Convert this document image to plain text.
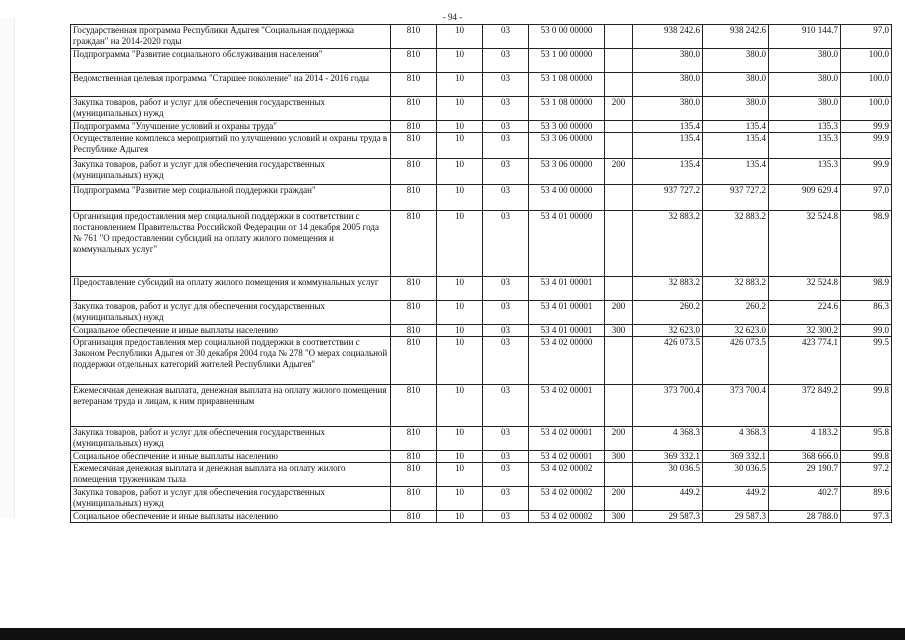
- 94 -
Государственная программа Республики Адыгея "Социальная поддержка граждан" на 2014-2020 годы	810	10	03	53 0 00 00000		938 242.6	938 242.6	910 144.7	97.0
Подпрограмма "Развитие социального обслуживания населения"	810	10	03	53 1 00 00000		380.0	380.0	380.0	100.0
Ведомственная целевая программа "Старшее поколение" на 2014 - 2016 годы	810	10	03	53 1 08 00000		380.0	380.0	380.0	100.0
Закупка товаров, работ и услуг для обеспечения государственных (муниципальных) нужд	810	10	03	53 1 08 00000	200	380.0	380.0	380.0	100.0
Подпрограмма "Улучшение условий и охраны труда"	810	10	03	53 3 00 00000		135.4	135.4	135.3	99.9
Осуществление комплекса мероприятий по улучшению условий и охраны труда в Республике Адыгея	810	10	03	53 3 06 00000		135.4	135.4	135.3	99.9
Закупка товаров, работ и услуг для обеспечения государственных (муниципальных) нужд	810	10	03	53 3 06 00000	200	135.4	135.4	135.3	99.9
Подпрограмма "Развитие мер социальной поддержки граждан"	810	10	03	53 4 00 00000		937 727.2	937 727.2	909 629.4	97.0
Организация предоставления мер социальной поддержки в соответствии с постановлением Правительства Российской Федерации от 14 декабря 2005 года № 761 "О предоставлении субсидий на оплату жилого помещения и коммунальных услуг"	810	10	03	53 4 01 00000		32 883.2	32 883.2	32 524.8	98.9
Предоставление субсидий на оплату жилого помещения и коммунальных услуг	810	10	03	53 4 01 00001		32 883.2	32 883.2	32 524.8	98.9
Закупка товаров, работ и услуг для обеспечения государственных (муниципальных) нужд	810	10	03	53 4 01 00001	200	260.2	260.2	224.6	86.3
Социальное обеспечение и иные выплаты населению	810	10	03	53 4 01 00001	300	32 623.0	32 623.0	32 300.2	99.0
Организация предоставления мер социальной поддержки в соответствии с Законом Республики Адыгея от 30 декабря 2004 года № 278 "О мерах социальной поддержки отдельных категорий жителей Республики Адыгея"	810	10	03	53 4 02 00000		426 073.5	426 073.5	423 774.1	99.5
Ежемесячная денежная выплата, денежная выплата на оплату жилого помещения ветеранам труда и лицам, к ним приравненным	810	10	03	53 4 02 00001		373 700.4	373 700.4	372 849.2	99.8
Закупка товаров, работ и услуг для обеспечения государственных (муниципальных) нужд	810	10	03	53 4 02 00001	200	4 368.3	4 368.3	4 183.2	95.8
Социальное обеспечение и иные выплаты населению	810	10	03	53 4 02 00001	300	369 332.1	369 332.1	368 666.0	99.8
Ежемесячная денежная выплата и денежная выплата на оплату жилого помещения труженикам тыла	810	10	03	53 4 02 00002		30 036.5	30 036.5	29 190.7	97.2
Закупка товаров, работ и услуг для обеспечения государственных (муниципальных) нужд	810	10	03	53 4 02 00002	200	449.2	449.2	402.7	89.6
Социальное обеспечение и иные выплаты населению	810	10	03	53 4 02 00002	300	29 587.3	29 587.3	28 788.0	97.3
